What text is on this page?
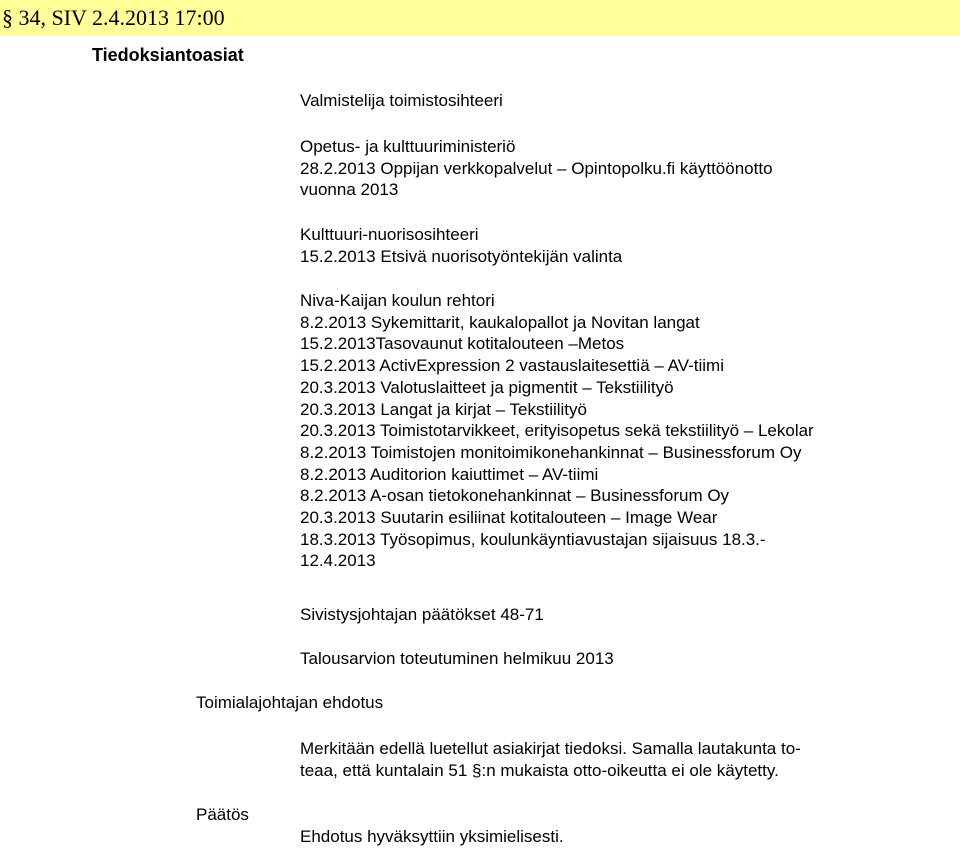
§ 34, SIV 2.4.2013 17:00
Tiedoksiantoasiat
Valmistelija toimistosihteeri
Opetus- ja kulttuuriministeriö
28.2.2013 Oppijan verkkopalvelut – Opintopolku.fi käyttöönotto
vuonna 2013
Kulttuuri-nuorisosihteeri
15.2.2013 Etsivä nuorisotyöntekijän valinta
Niva-Kaijan koulun rehtori
8.2.2013 Sykemittarit, kaukalopallot ja Novitan langat
15.2.2013Tasovaunut kotitalouteen –Metos
15.2.2013 ActivExpression 2 vastauslaitesettiä – AV-tiimi
20.3.2013 Valotuslaitteet ja pigmentit – Tekstiilityö
20.3.2013 Langat ja kirjat – Tekstiilityö
20.3.2013 Toimistotarvikkeet, erityisopetus sekä tekstiilityö – Lekolar
8.2.2013 Toimistojen monitoimikonehankinnat – Businessforum Oy
8.2.2013 Auditorion kaiuttimet – AV-tiimi
8.2.2013 A-osan tietokonehankinnat – Businessforum Oy
20.3.2013 Suutarin esiliinat kotitalouteen – Image Wear
18.3.2013 Työsopimus, koulunkäyntiavustajan sijaisuus 18.3.-
12.4.2013
Sivistysjohtajan päätökset 48-71
Talousarvion toteutuminen helmikuu 2013
Toimialajohtajan ehdotus
Merkitään edellä luetellut asiakirjat tiedoksi. Samalla lautakunta to-
teaa, että kuntalain 51 §:n mukaista otto-oikeutta ei ole käytetty.
Päätös
Ehdotus hyväksyttiin yksimielisesti.
